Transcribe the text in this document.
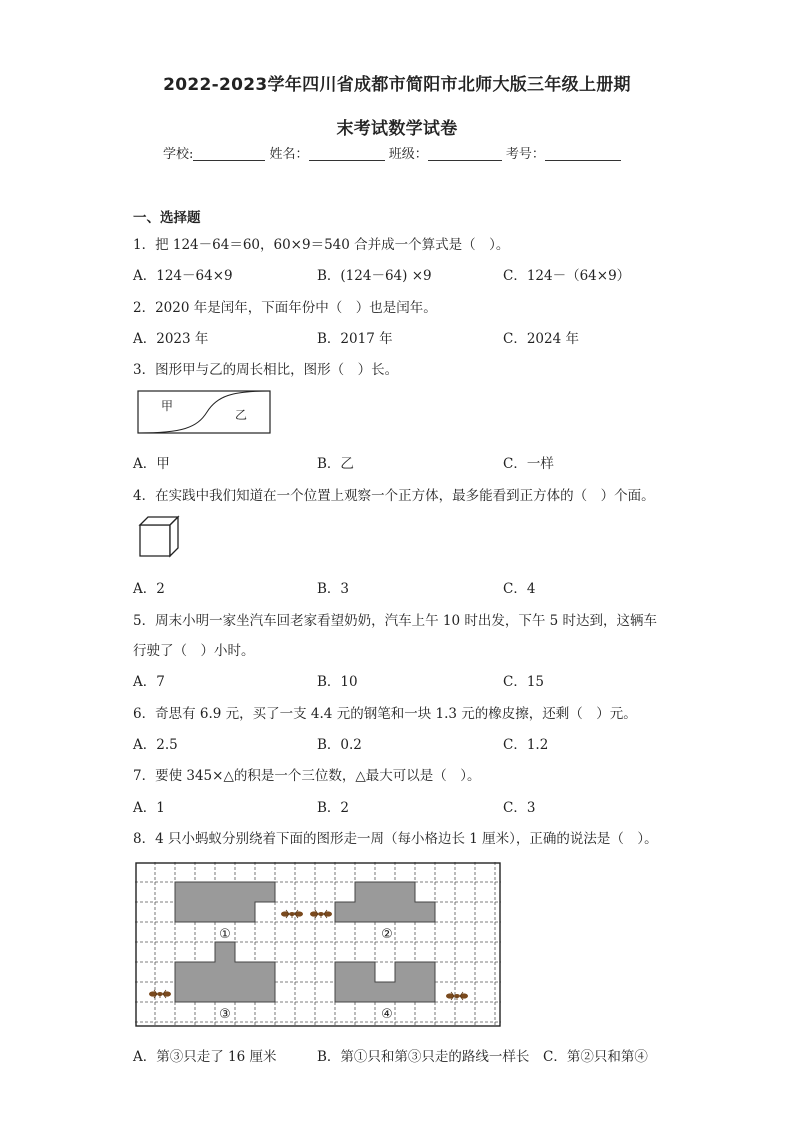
2022-2023学年四川省成都市简阳市北师大版三年级上册期
末考试数学试卷
学校:	姓名：	班级：	考号：
一、选择题
1．把 124－64＝60，60×9＝540 合并成一个算式是（　）。
A．124－64×9	B．(124－64) ×9	C．124－（64×9）
2．2020 年是闰年，下面年份中（　）也是闰年。
A．2023 年	B．2017 年	C．2024 年
3．图形甲与乙的周长相比，图形（　）长。
甲
乙
A．甲	B．乙	C．一样
4．在实践中我们知道在一个位置上观察一个正方体，最多能看到正方体的（　）个面。
A．2	B．3	C．4
5．周末小明一家坐汽车回老家看望奶奶，汽车上午 10 时出发，下午 5 时达到，这辆车
行驶了（　）小时。
A．7	B．10	C．15
6．奇思有 6.9 元，买了一支 4.4 元的钢笔和一块 1.3 元的橡皮擦，还剩（　）元。
A．2.5	B．0.2	C．1.2
7．要使 345×△的积是一个三位数，△最大可以是（　）。
A．1	B．2	C．3
8．4 只小蚂蚁分别绕着下面的图形走一周（每小格边长 1 厘米），正确的说法是（　）。
①	②
③	④
A．第③只走了 16 厘米	B．第①只和第③只走的路线一样长 C．第②只和第④
